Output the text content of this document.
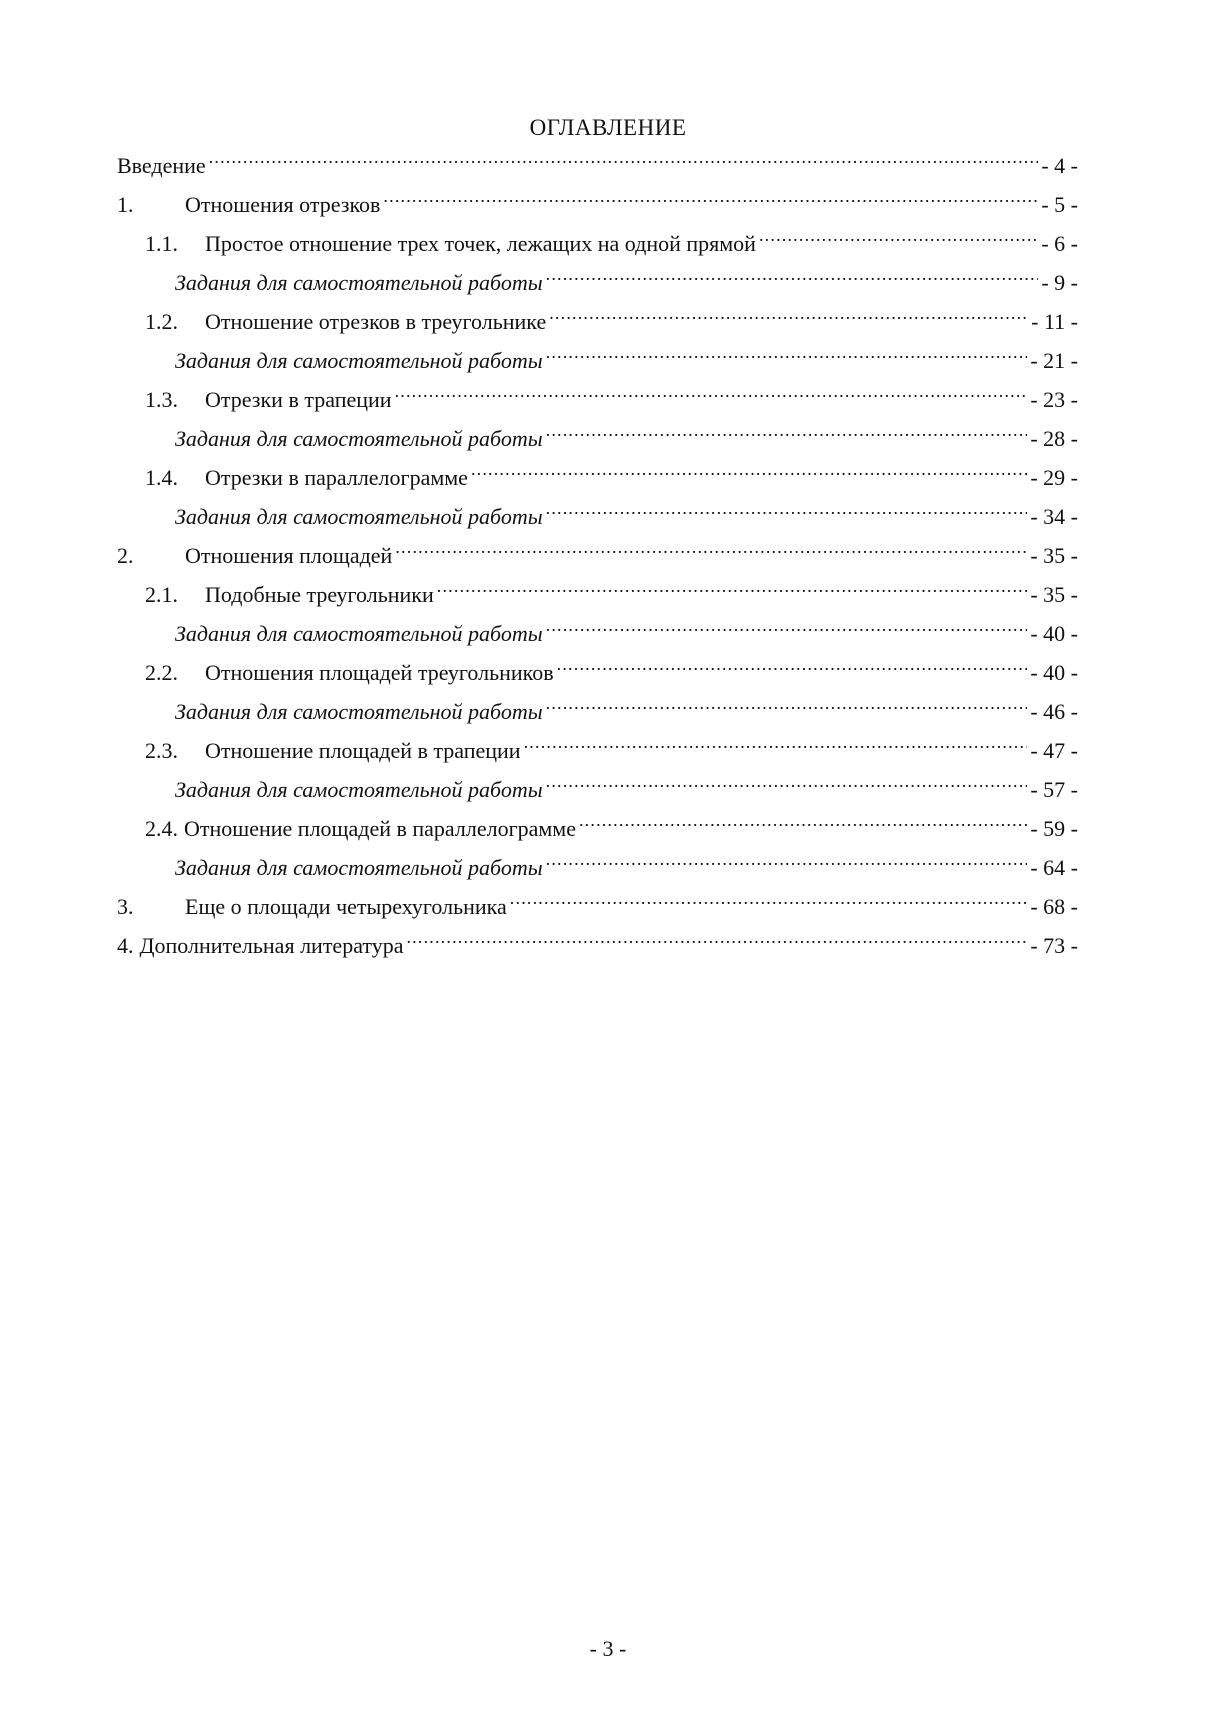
ОГЛАВЛЕНИЕ
Введение .....	- 4 -
1.	Отношения отрезков .....	- 5 -
1.1.	Простое отношение трех точек, лежащих на одной прямой .....	- 6 -
Задания для самостоятельной работы .....	- 9 -
1.2.	Отношение отрезков в треугольнике .....	- 11 -
Задания для самостоятельной работы .....	- 21 -
1.3.	Отрезки в трапеции .....	- 23 -
Задания для самостоятельной работы .....	- 28 -
1.4.	Отрезки в параллелограмме .....	- 29 -
Задания для самостоятельной работы .....	- 34 -
2.	Отношения площадей .....	- 35 -
2.1.	Подобные треугольники .....	- 35 -
Задания для самостоятельной работы .....	- 40 -
2.2.	Отношения площадей треугольников .....	- 40 -
Задания для самостоятельной работы .....	- 46 -
2.3.	Отношение площадей в трапеции .....	- 47 -
Задания для самостоятельной работы .....	- 57 -
2.4. Отношение площадей в параллелограмме .....	- 59 -
Задания для самостоятельной работы .....	- 64 -
3.	Еще о площади четырехугольника .....	- 68 -
4. Дополнительная литература .....	- 73 -
- 3 -
